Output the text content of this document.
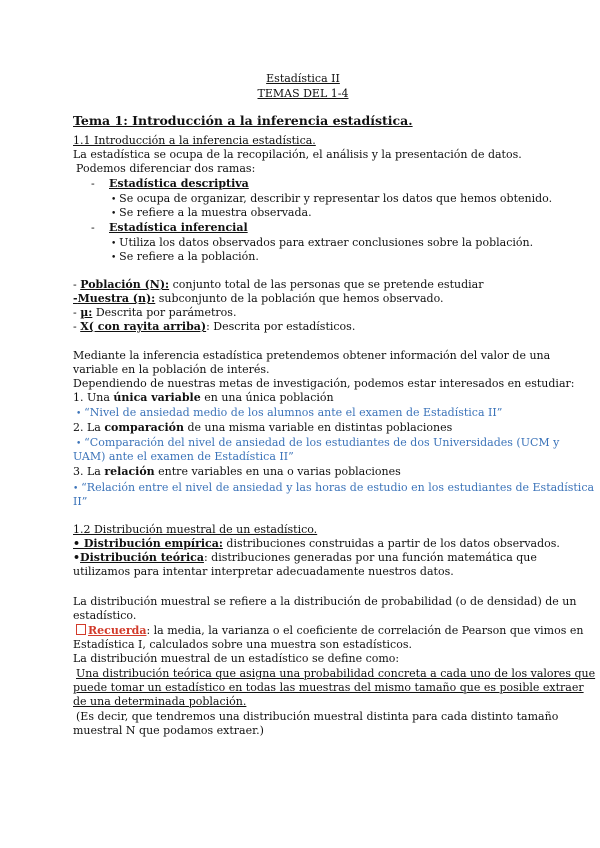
Estadística II
TEMAS DEL 1-4
Tema 1: Introducción a la inferencia estadística.
1.1 Introducción a la inferencia estadística.
La estadística se ocupa de la recopilación, el análisis y la presentación de datos.
Podemos diferenciar dos ramas:
- Estadística descriptiva
• Se ocupa de organizar, describir y representar los datos que hemos obtenido.
• Se refiere a la muestra observada.
- Estadística inferencial
• Utiliza los datos observados para extraer conclusiones sobre la población.
• Se refiere a la población.
- Población (N): conjunto total de las personas que se pretende estudiar
-Muestra (n): subconjunto de la población que hemos observado.
- µ: Descrita por parámetros.
- X( con rayita arriba): Descrita por estadísticos.
Mediante la inferencia estadística pretendemos obtener información del valor de una
variable en la población de interés.
Dependiendo de nuestras metas de investigación, podemos estar interesados en estudiar:
1. Una única variable en una única población
• “Nivel de ansiedad medio de los alumnos ante el examen de Estadística II”
2. La comparación de una misma variable en distintas poblaciones
• “Comparación del nivel de ansiedad de los estudiantes de dos Universidades (UCM y
UAM) ante el examen de Estadística II”
3. La relación entre variables en una o varias poblaciones
• “Relación entre el nivel de ansiedad y las horas de estudio en los estudiantes de Estadística
II”
1.2 Distribución muestral de un estadístico.
• Distribución empírica: distribuciones construidas a partir de los datos observados.
•Distribución teórica: distribuciones generadas por una función matemática que
utilizamos para intentar interpretar adecuadamente nuestros datos.
La distribución muestral se refiere a la distribución de probabilidad (o de densidad) de un
estadístico.
Recuerda: la media, la varianza o el coeficiente de correlación de Pearson que vimos en
Estadística I, calculados sobre una muestra son estadísticos.
La distribución muestral de un estadístico se define como:
Una distribución teórica que asigna una probabilidad concreta a cada uno de los valores que
puede tomar un estadístico en todas las muestras del mismo tamaño que es posible extraer
de una determinada población.
(Es decir, que tendremos una distribución muestral distinta para cada distinto tamaño
muestral N que podamos extraer.)
